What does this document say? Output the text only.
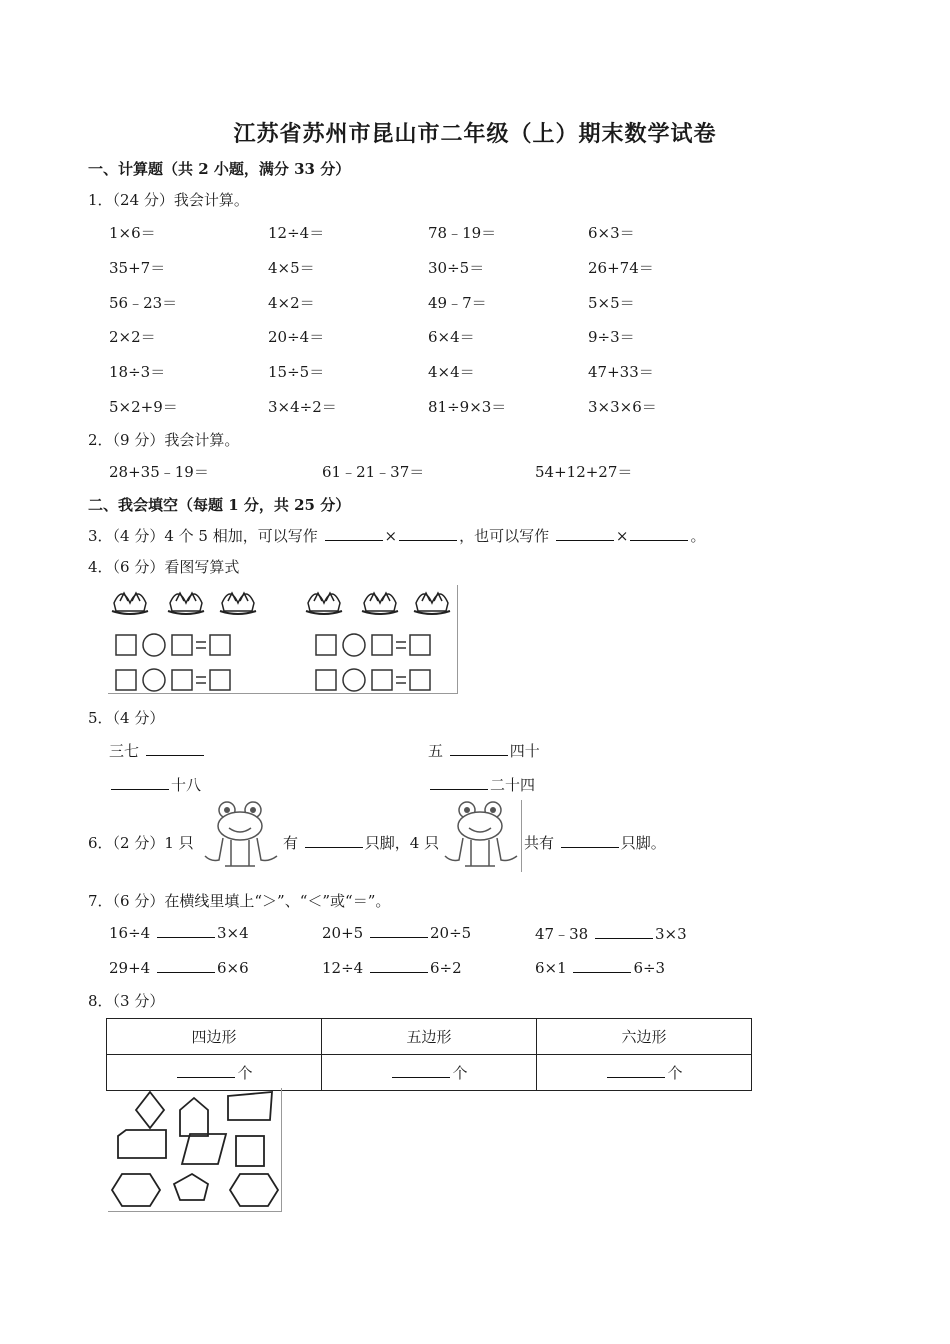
江苏省苏州市昆山市二年级（上）期末数学试卷
一、计算题（共 2 小题，满分 33 分）
1．（24 分）我会计算。
1×6＝	12÷4＝	78﹣19＝	6×3＝
35+7＝	4×5＝	30÷5＝	26+74＝
56﹣23＝	4×2＝	49﹣7＝	5×5＝
2×2＝	20÷4＝	6×4＝	9÷3＝
18÷3＝	15÷5＝	4×4＝	47+33＝
5×2+9＝	3×4÷2＝	81÷9×3＝	3×3×6＝
2．（9 分）我会计算。
28+35﹣19＝	61﹣21﹣37＝	54+12+27＝
二、我会填空（每题 1 分，共 25 分）
3．（4 分）4 个 5 相加，可以写作	×	，也可以写作	×	。
4．（6 分）看图写算式
5．（4 分）
三七	五	四十
十八	二十四
6．（2 分）1 只	有	只脚，4 只	共有	只脚。
7．（6 分）在横线里填上“＞”、“＜”或“＝”。
16÷4	3×4	20+5	20÷5	47﹣38	3×3
29+4	6×6	12÷4	6÷2	6×1	6÷3
8．（3 分）
四边形	五边形	六边形
个	个	个
